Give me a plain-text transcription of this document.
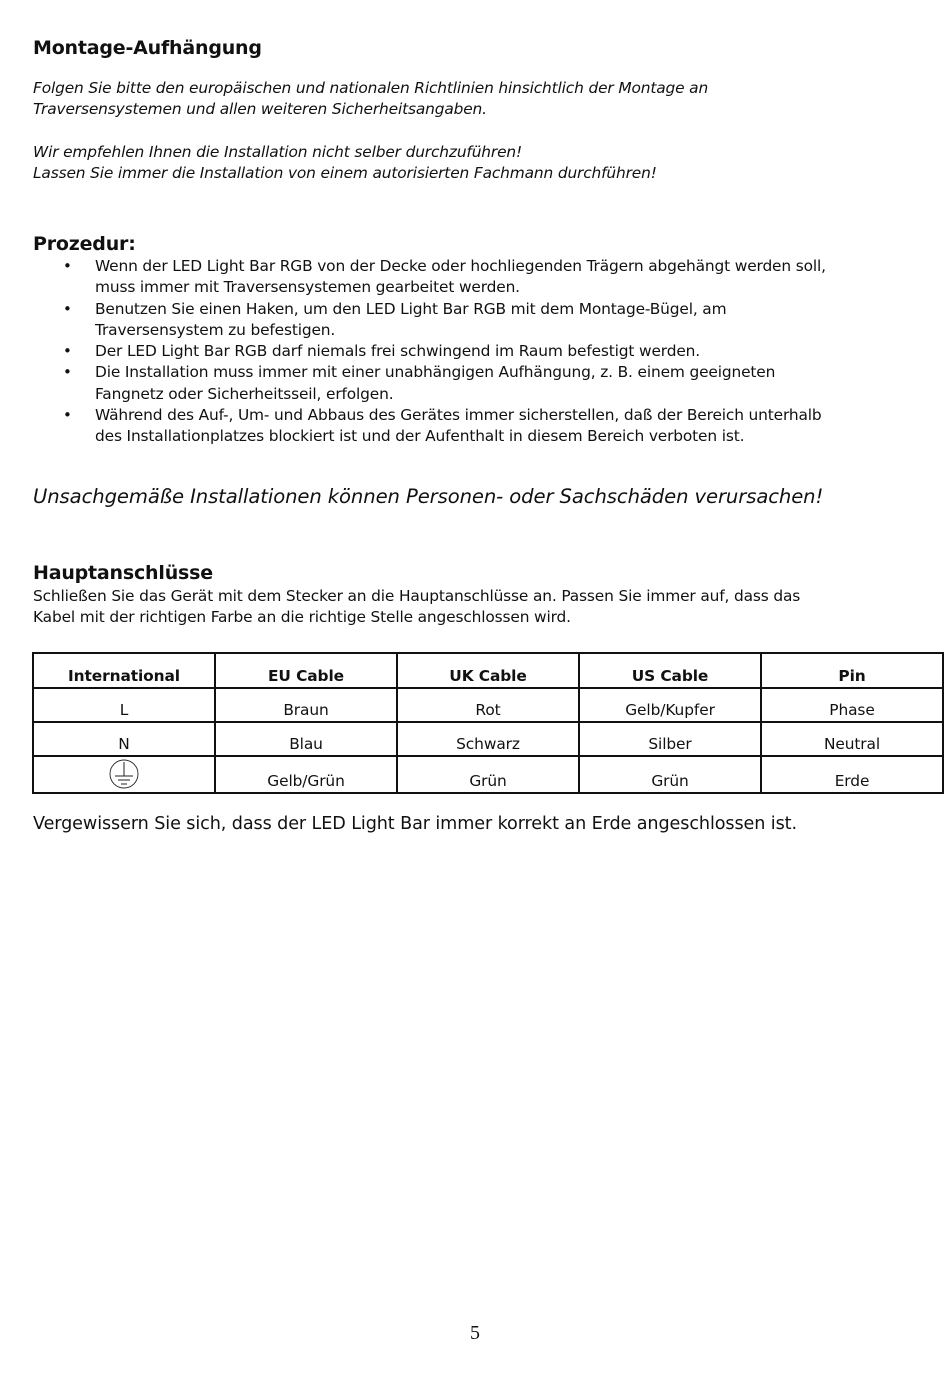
Montage-Aufhängung
Folgen Sie bitte den europäischen und nationalen Richtlinien hinsichtlich der Montage an
Traversensystemen und allen weiteren Sicherheitsangaben.
Wir empfehlen Ihnen die Installation nicht selber durchzuführen!
Lassen Sie immer die Installation von einem autorisierten Fachmann durchführen!
Prozedur:
• Wenn der LED Light Bar RGB von der Decke oder hochliegenden Trägern abgehängt werden soll,
muss immer mit Traversensystemen gearbeitet werden.
• Benutzen Sie einen Haken, um den LED Light Bar RGB mit dem Montage-Bügel, am
Traversensystem zu befestigen.
• Der LED Light Bar RGB darf niemals frei schwingend im Raum befestigt werden.
• Die Installation muss immer mit einer unabhängigen Aufhängung, z. B. einem geeigneten
Fangnetz oder Sicherheitsseil, erfolgen.
• Während des Auf-, Um- und Abbaus des Gerätes immer sicherstellen, daß der Bereich unterhalb
des Installationplatzes blockiert ist und der Aufenthalt in diesem Bereich verboten ist.

Unsachgemäße Installationen können Personen- oder Sachschäden verursachen!

Hauptanschlüsse
Schließen Sie das Gerät mit dem Stecker an die Hauptanschlüsse an. Passen Sie immer auf, dass das
Kabel mit der richtigen Farbe an die richtige Stelle angeschlossen wird.
International	EU Cable	UK Cable	US Cable	Pin
L	Braun	Rot	Gelb/Kupfer	Phase
N	Blau	Schwarz	Silber	Neutral

	Gelb/Grün	Grün	Grün	Erde

Vergewissern Sie sich, dass der LED Light Bar immer korrekt an Erde angeschlossen ist.

5
